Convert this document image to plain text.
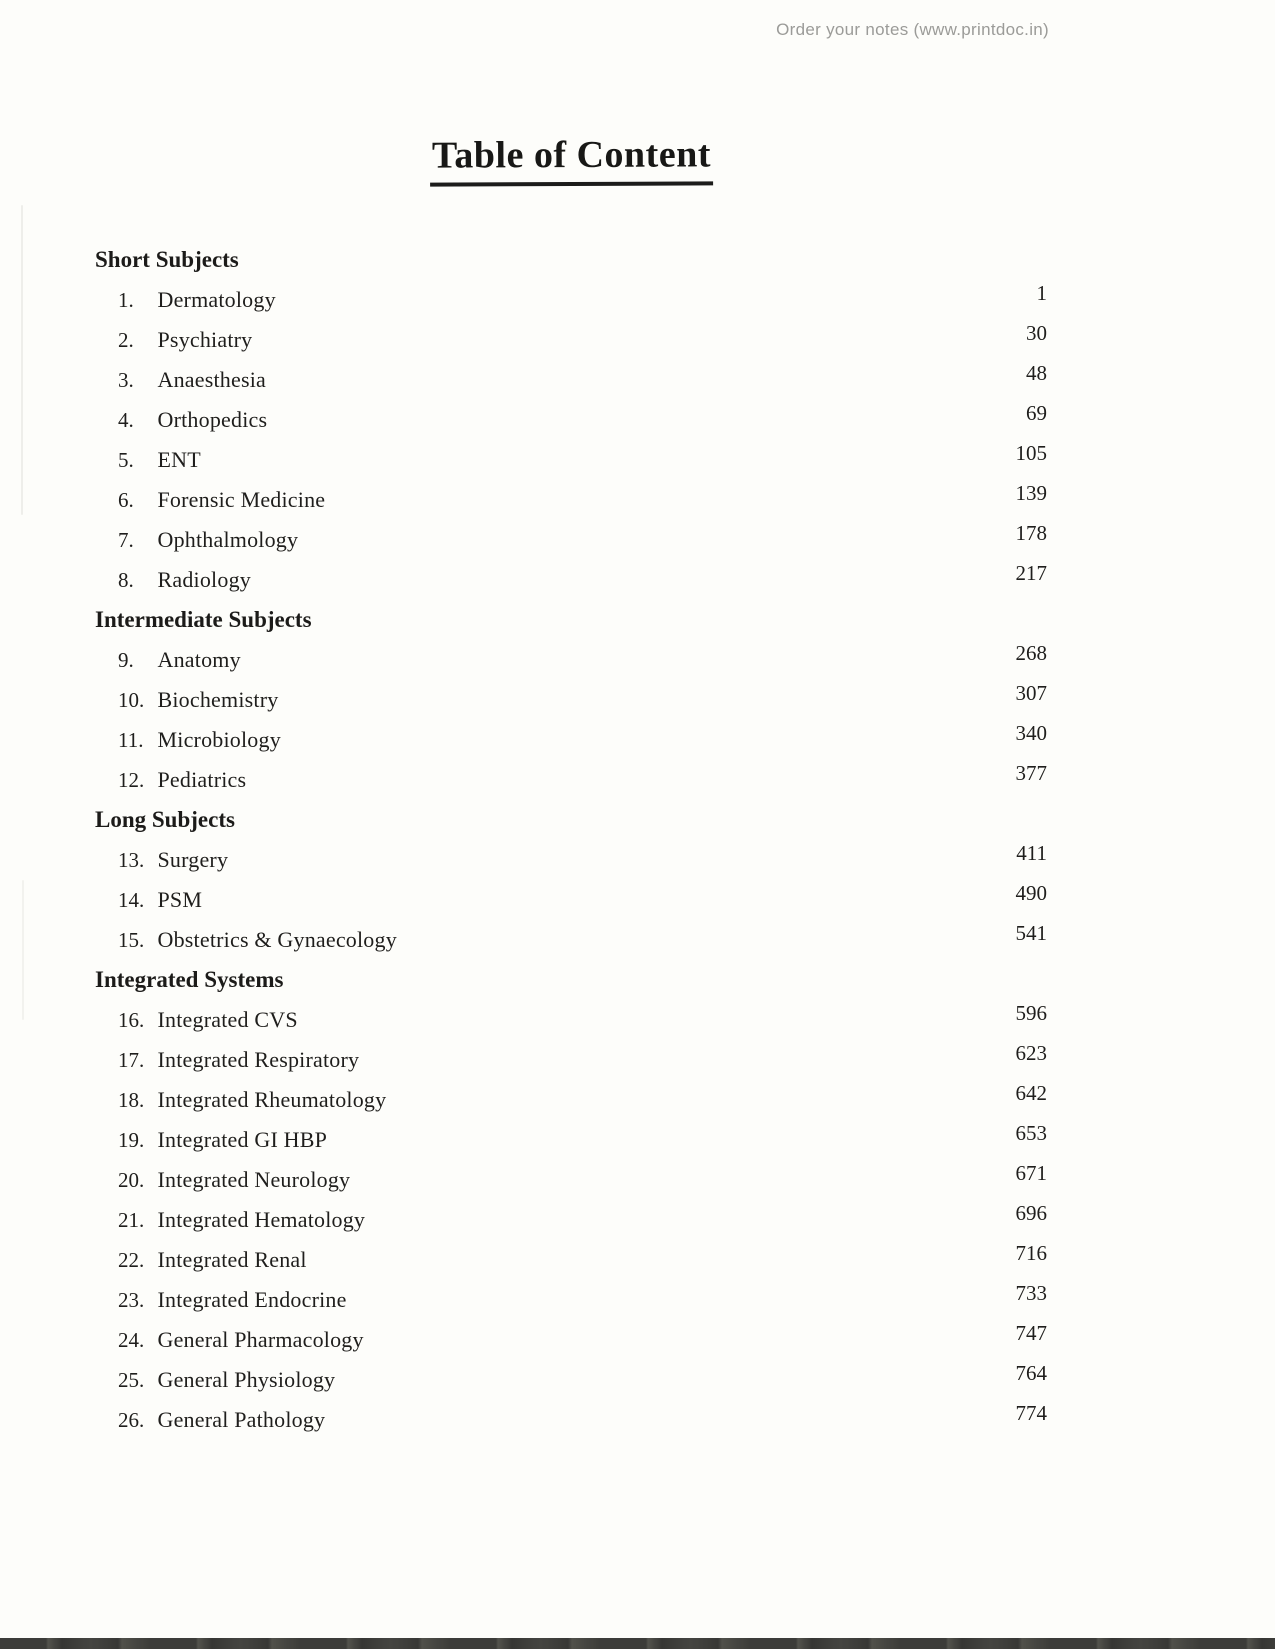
Order your notes (www.printdoc.in)
Table of Content
Short Subjects
1. Dermatology	1
2. Psychiatry	30
3. Anaesthesia	48
4. Orthopedics	69
5. ENT	105
6. Forensic Medicine	139
7. Ophthalmology	178
8. Radiology	217
Intermediate Subjects
9. Anatomy	268
10. Biochemistry	307
11. Microbiology	340
12. Pediatrics	377
Long Subjects
13. Surgery	411
14. PSM	490
15. Obstetrics & Gynaecology	541
Integrated Systems
16. Integrated CVS	596
17. Integrated Respiratory	623
18. Integrated Rheumatology	642
19. Integrated GI HBP	653
20. Integrated Neurology	671
21. Integrated Hematology	696
22. Integrated Renal	716
23. Integrated Endocrine	733
24. General Pharmacology	747
25. General Physiology	764
26. General Pathology	774
